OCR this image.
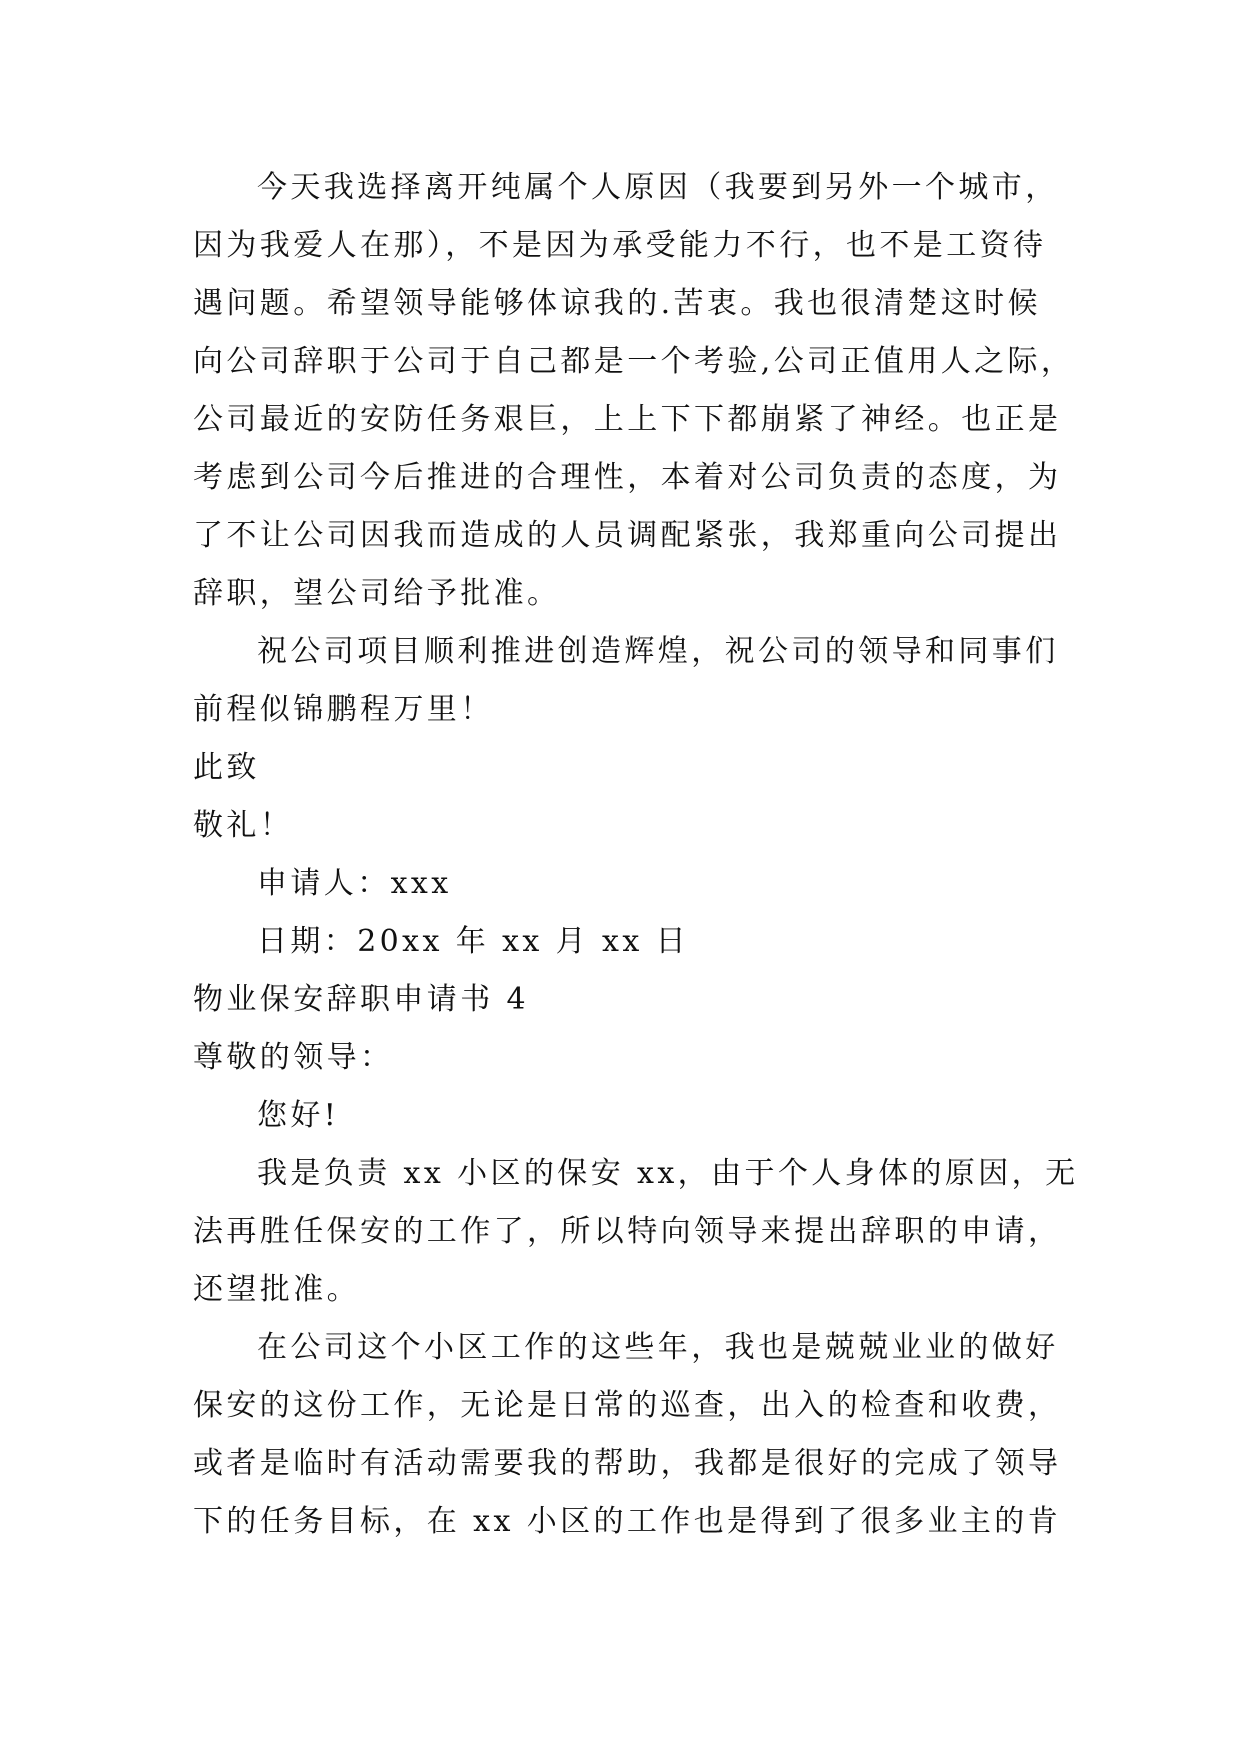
今天我选择离开纯属个人原因（我要到另外一个城市，
因为我爱人在那），不是因为承受能力不行，也不是工资待
遇问题。希望领导能够体谅我的.苦衷。我也很清楚这时候
向公司辞职于公司于自己都是一个考验,公司正值用人之际，
公司最近的安防任务艰巨，上上下下都崩紧了神经。也正是
考虑到公司今后推进的合理性，本着对公司负责的态度，为
了不让公司因我而造成的人员调配紧张，我郑重向公司提出
辞职，望公司给予批准。
祝公司项目顺利推进创造辉煌，祝公司的领导和同事们
前程似锦鹏程万里！
此致
敬礼！
申请人：xxx
日期：20xx 年 xx 月 xx 日
物业保安辞职申请书 4
尊敬的领导：
您好!
我是负责 xx 小区的保安 xx，由于个人身体的原因，无
法再胜任保安的工作了，所以特向领导来提出辞职的申请，
还望批准。
在公司这个小区工作的这些年，我也是兢兢业业的做好
保安的这份工作，无论是日常的巡查，出入的检查和收费，
或者是临时有活动需要我的帮助，我都是很好的完成了领导
下的任务目标，在 xx 小区的工作也是得到了很多业主的肯
